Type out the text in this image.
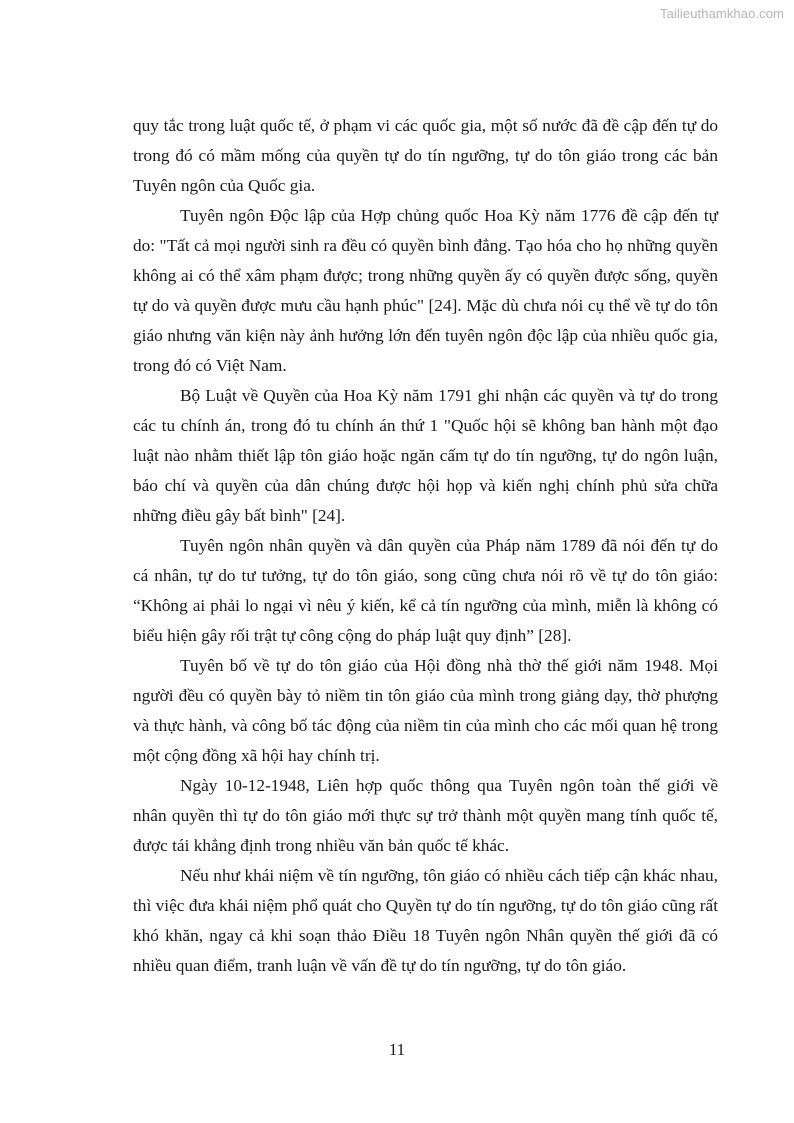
Tailieuthamkhao.com

quy tắc trong luật quốc tế, ở phạm vi các quốc gia, một số nước đã đề cập đến tự do trong đó có mầm mống của quyền tự do tín ngưỡng, tự do tôn giáo trong các bản Tuyên ngôn của Quốc gia.

Tuyên ngôn Độc lập của Hợp chủng quốc Hoa Kỳ năm 1776 đề cập đến tự do: "Tất cả mọi người sinh ra đều có quyền bình đẳng. Tạo hóa cho họ những quyền không ai có thể xâm phạm được; trong những quyền ấy có quyền được sống, quyền tự do và quyền được mưu cầu hạnh phúc" [24]. Mặc dù chưa nói cụ thể về tự do tôn giáo nhưng văn kiện này ảnh hưởng lớn đến tuyên ngôn độc lập của nhiều quốc gia, trong đó có Việt Nam.

Bộ Luật về Quyền của Hoa Kỳ năm 1791 ghi nhận các quyền và tự do trong các tu chính án, trong đó tu chính án thứ 1 "Quốc hội sẽ không ban hành một đạo luật nào nhằm thiết lập tôn giáo hoặc ngăn cấm tự do tín ngưỡng, tự do ngôn luận, báo chí và quyền của dân chúng được hội họp và kiến nghị chính phủ sửa chữa những điều gây bất bình" [24].

Tuyên ngôn nhân quyền và dân quyền của Pháp năm 1789 đã nói đến tự do cá nhân, tự do tư tưởng, tự do tôn giáo, song cũng chưa nói rõ về tự do tôn giáo: “Không ai phải lo ngại vì nêu ý kiến, kể cả tín ngưỡng của mình, miễn là không có biểu hiện gây rối trật tự công cộng do pháp luật quy định” [28].

Tuyên bố về tự do tôn giáo của Hội đồng nhà thờ thế giới năm 1948. Mọi người đều có quyền bày tỏ niềm tin tôn giáo của mình trong giảng dạy, thờ phượng và thực hành, và công bố tác động của niềm tin của mình cho các mối quan hệ trong một cộng đồng xã hội hay chính trị.

Ngày 10-12-1948, Liên hợp quốc thông qua Tuyên ngôn toàn thế giới về nhân quyền thì tự do tôn giáo mới thực sự trở thành một quyền mang tính quốc tế, được tái khẳng định trong nhiều văn bản quốc tế khác.

Nếu như khái niệm về tín ngưỡng, tôn giáo có nhiều cách tiếp cận khác nhau, thì việc đưa khái niệm phổ quát cho Quyền tự do tín ngưỡng, tự do tôn giáo cũng rất khó khăn, ngay cả khi soạn thảo Điều 18 Tuyên ngôn Nhân quyền thế giới đã có nhiều quan điểm, tranh luận về vấn đề tự do tín ngưỡng, tự do tôn giáo.

11
